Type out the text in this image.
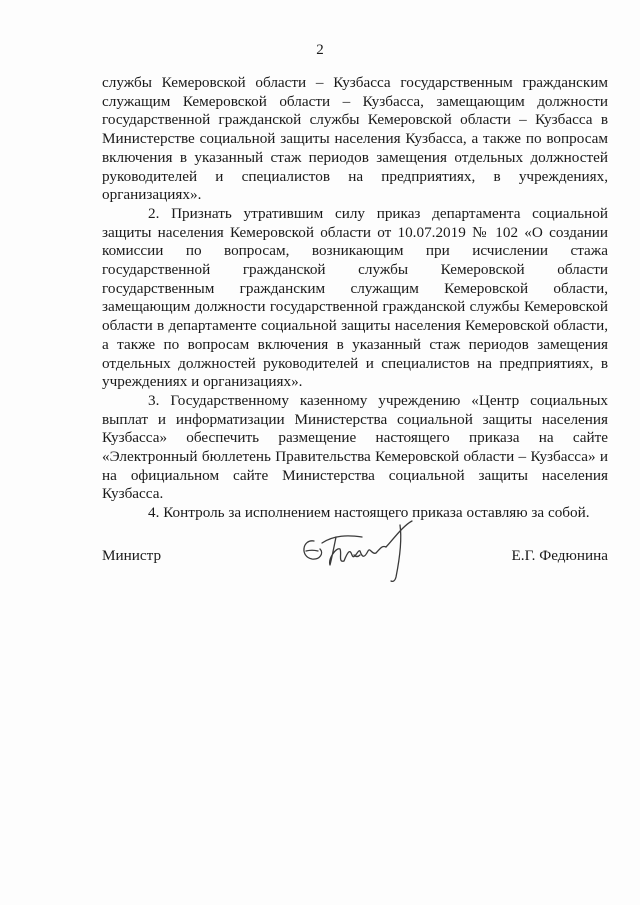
2

службы Кемеровской области – Кузбасса государственным гражданским служащим Кемеровской области – Кузбасса, замещающим должности государственной гражданской службы Кемеровской области – Кузбасса в Министерстве социальной защиты населения Кузбасса, а также по вопросам включения в указанный стаж периодов замещения отдельных должностей руководителей и специалистов на предприятиях, в учреждениях, организациях».

2. Признать утратившим силу приказ департамента социальной защиты населения Кемеровской области от 10.07.2019 № 102 «О создании комиссии по вопросам, возникающим при исчислении стажа государственной гражданской службы Кемеровской области государственным гражданским служащим Кемеровской области, замещающим должности государственной гражданской службы Кемеровской области в департаменте социальной защиты населения Кемеровской области, а также по вопросам включения в указанный стаж периодов замещения отдельных должностей руководителей и специалистов на предприятиях, в учреждениях и организациях».

3. Государственному казенному учреждению «Центр социальных выплат и информатизации Министерства социальной защиты населения Кузбасса» обеспечить размещение настоящего приказа на сайте «Электронный бюллетень Правительства Кемеровской области – Кузбасса» и на официальном сайте Министерства социальной защиты населения Кузбасса.

4. Контроль за исполнением настоящего приказа оставляю за собой.

Министр	Е.Г. Федюнина
